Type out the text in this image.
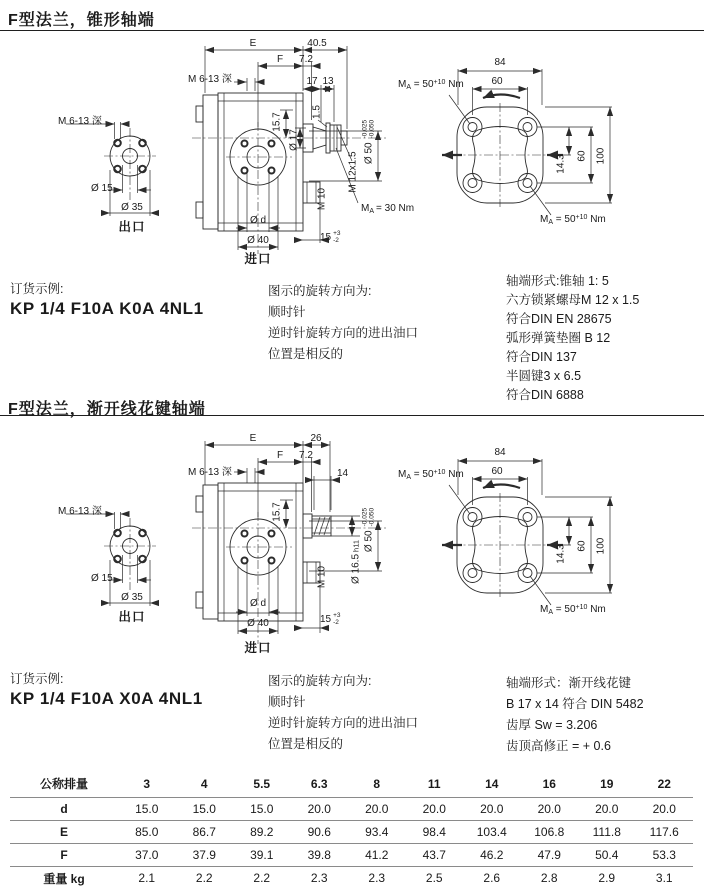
F型法兰，锥形轴端
M 6-13 深
Ø 15
Ø 35
出口
E	40.5
F 7.2
M 6-13 深	17 13
15.7
Ø 17
1.5
Ø 50
-0.025 -0.050
M 12x1.5
M 10	$M_A = 30$ Nm
Ø d
Ø 40	15 +3
-2
进口
84
60
$M_A = 50^{+10}$ Nm
14.3 60 100
$M_A = 50^{+10}$ Nm
订货示例:
KP 1/4 F10A K0A 4NL1
图示的旋转方向为:
顺时针
逆时针旋转方向的进出油口
位置是相反的
轴端形式:锥轴 1: 5
六方锁紧螺母M 12 x 1.5
符合DIN EN 28675
弧形弹簧垫圈 B 12
符合DIN 137
半圆键3 x 6.5
符合DIN 6888
F型法兰，渐开线花键轴端
M 6-13 深
Ø 15
Ø 35
出口
E	26
F 7.2
M 6-13 深	14
15.7
Ø 50
-0.025 -0.050
Ø 16.5
h11
M 10
Ø d
Ø 40	15 +3
-2
进口
84
60
$M_A = 50^{+10}$ Nm
14.3 60 100
$M_A = 50^{+10}$ Nm
订货示例:
KP 1/4 F10A X0A 4NL1
图示的旋转方向为:
顺时针
逆时针旋转方向的进出油口
位置是相反的
轴端形式：渐开线花键
B 17 x 14 符合 DIN 5482
齿厚 Sw = 3.206
齿顶高修正 = + 0.6
公称排量	3	4	5.5	6.3	8	11	14	16	19	22
d	15.0	15.0	15.0	20.0	20.0	20.0	20.0	20.0	20.0	20.0
E	85.0	86.7	89.2	90.6	93.4	98.4	103.4	106.8	111.8	117.6
F	37.0	37.9	39.1	39.8	41.2	43.7	46.2	47.9	50.4	53.3
重量 kg	2.1	2.2	2.2	2.3	2.3	2.5	2.6	2.8	2.9	3.1
